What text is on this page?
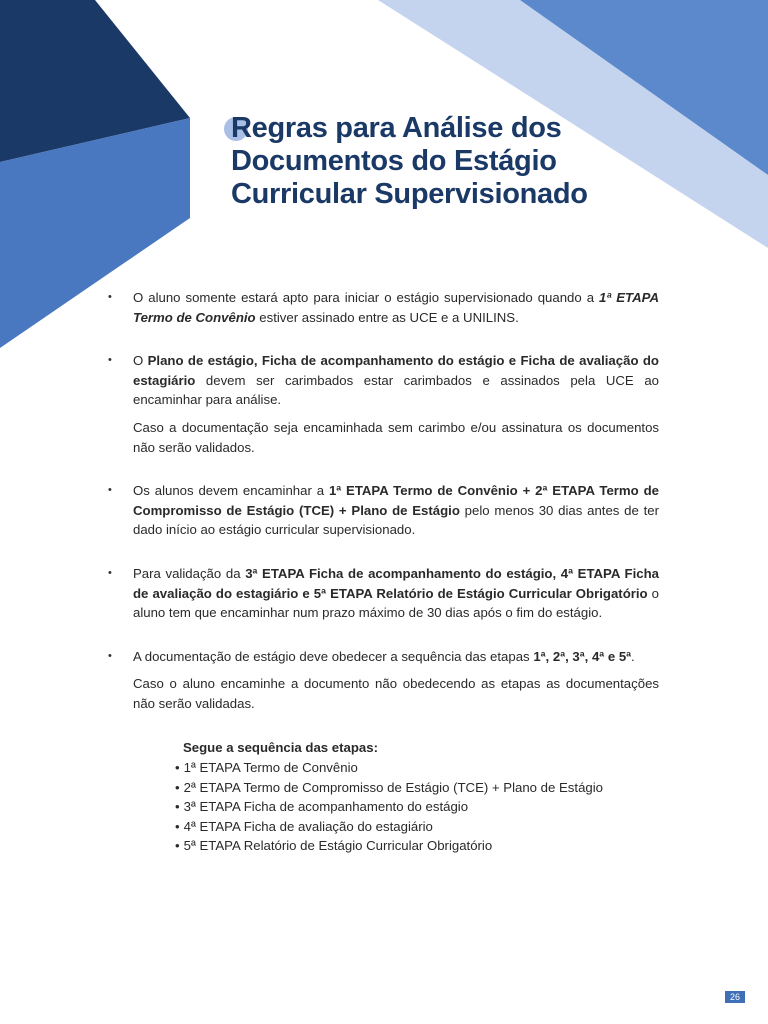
Regras para Análise dos
Documentos do Estágio
Curricular Supervisionado
• O aluno somente estará apto para iniciar o estágio supervisionado quando a 1ª ETAPA Termo de Convênio estiver assinado entre as UCE e a UNILINS.

• O Plano de estágio, Ficha de acompanhamento do estágio e Ficha de avaliação do estagiário devem ser carimbados estar carimbados e assinados pela UCE ao encaminhar para análise.

Caso a documentação seja encaminhada sem carimbo e/ou assinatura os documentos não serão validados.

• Os alunos devem encaminhar a 1ª ETAPA Termo de Convênio + 2ª ETAPA Termo de Compromisso de Estágio (TCE) + Plano de Estágio pelo menos 30 dias antes de ter dado início ao estágio curricular supervisionado.

• Para validação da 3ª ETAPA Ficha de acompanhamento do estágio, 4ª ETAPA Ficha de avaliação do estagiário e 5ª ETAPA Relatório de Estágio Curricular Obrigatório o aluno tem que encaminhar num prazo máximo de 30 dias após o fim do estágio.

• A documentação de estágio deve obedecer a sequência das etapas 1ª, 2ª, 3ª, 4ª e 5ª.

Caso o aluno encaminhe a documento não obedecendo as etapas as documentações não serão validadas.

Segue a sequência das etapas:
• 1ª ETAPA Termo de Convênio
• 2ª ETAPA Termo de Compromisso de Estágio (TCE) + Plano de Estágio
• 3ª ETAPA Ficha de acompanhamento do estágio
• 4ª ETAPA Ficha de avaliação do estagiário
• 5ª ETAPA Relatório de Estágio Curricular Obrigatório
26
